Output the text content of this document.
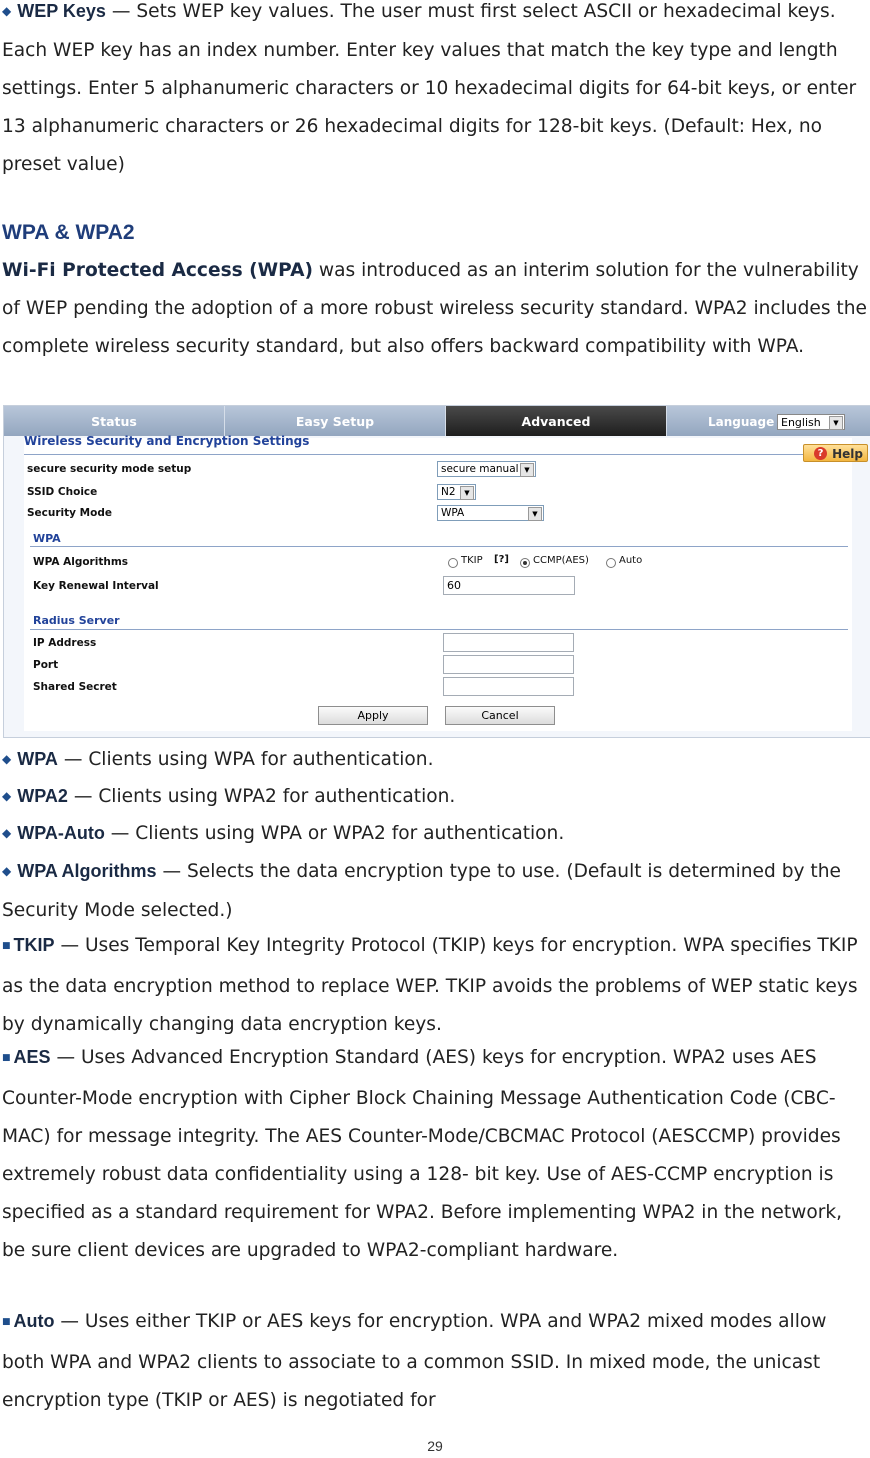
◆ WEP Keys — Sets WEP key values. The user must first select ASCII or hexadecimal keys. Each WEP key has an index number. Enter key values that match the key type and length settings. Enter 5 alphanumeric characters or 10 hexadecimal digits for 64-bit keys, or enter 13 alphanumeric characters or 26 hexadecimal digits for 128-bit keys. (Default: Hex, no preset value)

WPA & WPA2

Wi-Fi Protected Access (WPA) was introduced as an interim solution for the vulnerability of WEP pending the adoption of a more robust wireless security standard. WPA2 includes the complete wireless security standard, but also offers backward compatibility with WPA.

Status	Easy Setup	Advanced	Language English	▼
Wireless Security and Encryption Settings
? Help
secure security mode setup	secure manual ▼
SSID Choice	N2	▼
Security Mode	WPA	▼
WPA
WPA Algorithms	TKIP [?] CCMP(AES)	Auto
Key Renewal Interval	60
Radius Server
IP Address
Port
Shared Secret
Apply	Cancel

◆ WPA — Clients using WPA for authentication.

◆ WPA2 — Clients using WPA2 for authentication.

◆ WPA-Auto — Clients using WPA or WPA2 for authentication.

◆ WPA Algorithms — Selects the data encryption type to use. (Default is determined by the Security Mode selected.)

■ TKIP — Uses Temporal Key Integrity Protocol (TKIP) keys for encryption. WPA specifies TKIP as the data encryption method to replace WEP. TKIP avoids the problems of WEP static keys by dynamically changing data encryption keys.

■ AES — Uses Advanced Encryption Standard (AES) keys for encryption. WPA2 uses AES Counter-Mode encryption with Cipher Block Chaining Message Authentication Code (CBC-MAC) for message integrity. The AES Counter-Mode/CBCMAC Protocol (AESCCMP) provides extremely robust data confidentiality using a 128- bit key. Use of AES-CCMP encryption is specified as a standard requirement for WPA2. Before implementing WPA2 in the network, be sure client devices are upgraded to WPA2-compliant hardware.

■ Auto — Uses either TKIP or AES keys for encryption. WPA and WPA2 mixed modes allow both WPA and WPA2 clients to associate to a common SSID. In mixed mode, the unicast encryption type (TKIP or AES) is negotiated for

29
